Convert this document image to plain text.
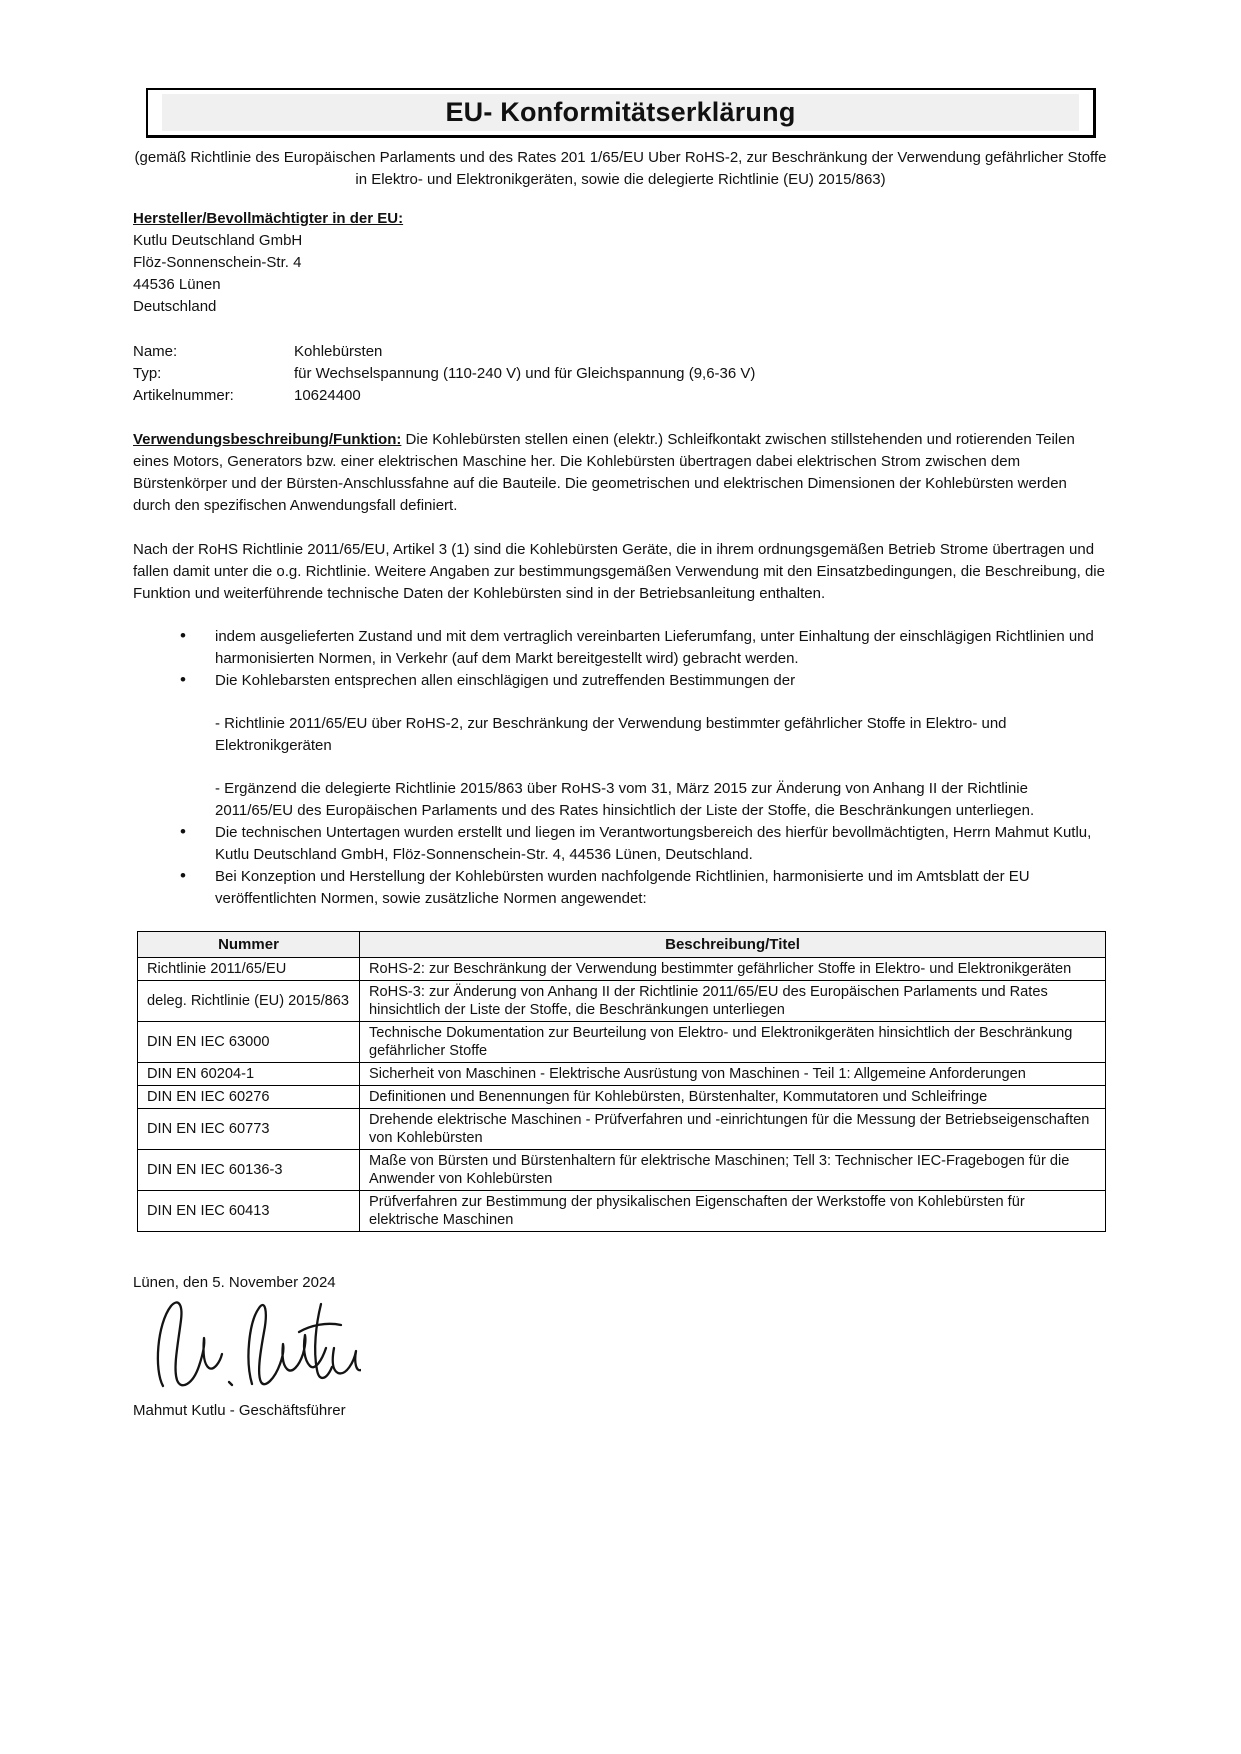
EU- Konformitätserklärung

(gemäß Richtlinie des Europäischen Parlaments und des Rates 201 1/65/EU Uber RoHS-2, zur Beschränkung der Verwendung gefährlicher Stoffe in Elektro- und Elektronikgeräten, sowie die delegierte Richtlinie (EU) 2015/863)

Hersteller/Bevollmächtigter in der EU:
Kutlu Deutschland GmbH
Flöz-Sonnenschein-Str. 4
44536 Lünen
Deutschland
Name:	Kohlebürsten
Typ:	für Wechselspannung (110-240 V) und für Gleichspannung (9,6-36 V)
Artikelnummer:	10624400

Verwendungsbeschreibung/Funktion: Die Kohlebürsten stellen einen (elektr.) Schleifkontakt zwischen stillstehenden und rotierenden Teilen eines Motors, Generators bzw. einer elektrischen Maschine her. Die Kohlebürsten übertragen dabei elektrischen Strom zwischen dem Bürstenkörper und der Bürsten-Anschlussfahne auf die Bauteile. Die geometrischen und elektrischen Dimensionen der Kohlebürsten werden durch den spezifischen Anwendungsfall definiert.

Nach der RoHS Richtlinie 2011/65/EU, Artikel 3 (1) sind die Kohlebürsten Geräte, die in ihrem ordnungsgemäßen Betrieb Strome übertragen und fallen damit unter die o.g. Richtlinie. Weitere Angaben zur bestimmungsgemäßen Verwendung mit den Einsatzbedingungen, die Beschreibung, die Funktion und weiterführende technische Daten der Kohlebürsten sind in der Betriebsanleitung enthalten.

• indem ausgelieferten Zustand und mit dem vertraglich vereinbarten Lieferumfang, unter Einhaltung der einschlägigen Richtlinien und harmonisierten Normen, in Verkehr (auf dem Markt bereitgestellt wird) gebracht werden.
• Die Kohlebarsten entsprechen allen einschlägigen und zutreffenden Bestimmungen der
- Richtlinie 2011/65/EU über RoHS-2, zur Beschränkung der Verwendung bestimmter gefährlicher Stoffe in Elektro- und Elektronikgeräten
- Ergänzend die delegierte Richtlinie 2015/863 über RoHS-3 vom 31, März 2015 zur Änderung von Anhang II der Richtlinie 2011/65/EU des Europäischen Parlaments und des Rates hinsichtlich der Liste der Stoffe, die Beschränkungen unterliegen.
• Die technischen Untertagen wurden erstellt und liegen im Verantwortungsbereich des hierfür bevollmächtigten, Herrn Mahmut Kutlu, Kutlu Deutschland GmbH, Flöz-Sonnenschein-Str. 4, 44536 Lünen, Deutschland.
• Bei Konzeption und Herstellung der Kohlebürsten wurden nachfolgende Richtlinien, harmonisierte und im Amtsblatt der EU veröffentlichten Normen, sowie zusätzliche Normen angewendet:
Nummer	Beschreibung/Titel
Richtlinie 2011/65/EU	RoHS-2: zur Beschränkung der Verwendung bestimmter gefährlicher Stoffe in Elektro- und Elektronikgeräten
deleg. Richtlinie (EU) 2015/863	RoHS-3: zur Änderung von Anhang II der Richtlinie 2011/65/EU des Europäischen Parlaments und Rates hinsichtlich der Liste der Stoffe, die Beschränkungen unterliegen
DIN EN IEC 63000	Technische Dokumentation zur Beurteilung von Elektro- und Elektronikgeräten hinsichtlich der Beschränkung gefährlicher Stoffe
DIN EN 60204-1	Sicherheit von Maschinen - Elektrische Ausrüstung von Maschinen - Teil 1: Allgemeine Anforderungen
DIN EN IEC 60276	Definitionen und Benennungen für Kohlebürsten, Bürstenhalter, Kommutatoren und Schleifringe
DIN EN IEC 60773	Drehende elektrische Maschinen - Prüfverfahren und -einrichtungen für die Messung der Betriebseigenschaften von Kohlebürsten
DIN EN IEC 60136-3	Maße von Bürsten und Bürstenhaltern für elektrische Maschinen; Tell 3: Technischer IEC-Fragebogen für die Anwender von Kohlebürsten
DIN EN IEC 60413	Prüfverfahren zur Bestimmung der physikalischen Eigenschaften der Werkstoffe von Kohlebürsten für elektrische Maschinen
Lünen, den 5. November 2024
Mahmut Kutlu - Geschäftsführer
